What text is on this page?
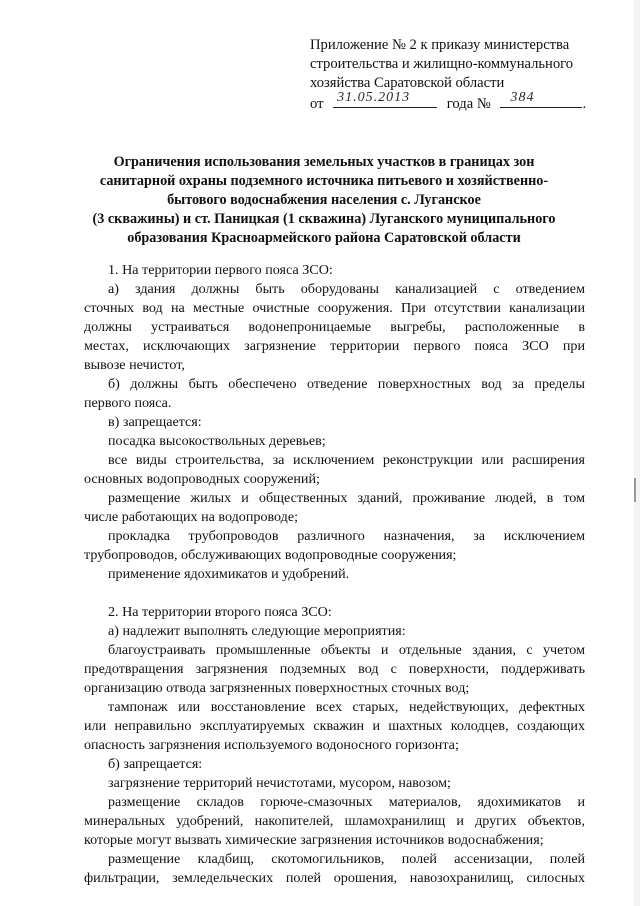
Приложение № 2 к приказу министерства
строительства и жилищно-коммунального
хозяйства Саратовской области
от 31.05.2013	года № 384	.
Ограничения использования земельных участков в границах зон
санитарной охраны подземного источника питьевого и хозяйственно-
бытового водоснабжения населения с. Луганское
(3 скважины) и ст. Паницкая (1 скважина) Луганского муниципального
образования Красноармейского района Саратовской области

1. На территории первого пояса ЗСО:

а) здания должны быть оборудованы канализацией с отведением

сточных вод на местные очистные сооружения. При отсутствии канализации

должны устраиваться водонепроницаемые выгребы, расположенные в

местах, исключающих загрязнение территории первого пояса ЗСО при

вывозе нечистот,

б) должны быть обеспечено отведение поверхностных вод за пределы

первого пояса.

в) запрещается:

посадка высокоствольных деревьев;

все виды строительства, за исключением реконструкции или расширения

основных водопроводных сооружений;

размещение жилых и общественных зданий, проживание людей, в том

числе работающих на водопроводе;

прокладка трубопроводов различного назначения, за исключением

трубопроводов, обслуживающих водопроводные сооружения;

применение ядохимикатов и удобрений.

2. На территории второго пояса ЗСО:

а) надлежит выполнять следующие мероприятия:

благоустраивать промышленные объекты и отдельные здания, с учетом

предотвращения загрязнения подземных вод с поверхности, поддерживать

организацию отвода загрязненных поверхностных сточных вод;

тампонаж или восстановление всех старых, недействующих, дефектных

или неправильно эксплуатируемых скважин и шахтных колодцев, создающих

опасность загрязнения используемого водоносного горизонта;

б) запрещается:

загрязнение территорий нечистотами, мусором, навозом;

размещение складов горюче-смазочных материалов, ядохимикатов и

минеральных удобрений, накопителей, шламохранилищ и других объектов,

которые могут вызвать химические загрязнения источников водоснабжения;

размещение кладбищ, скотомогильников, полей ассенизации, полей

фильтрации, земледельческих полей орошения, навозохранилищ, силосных
